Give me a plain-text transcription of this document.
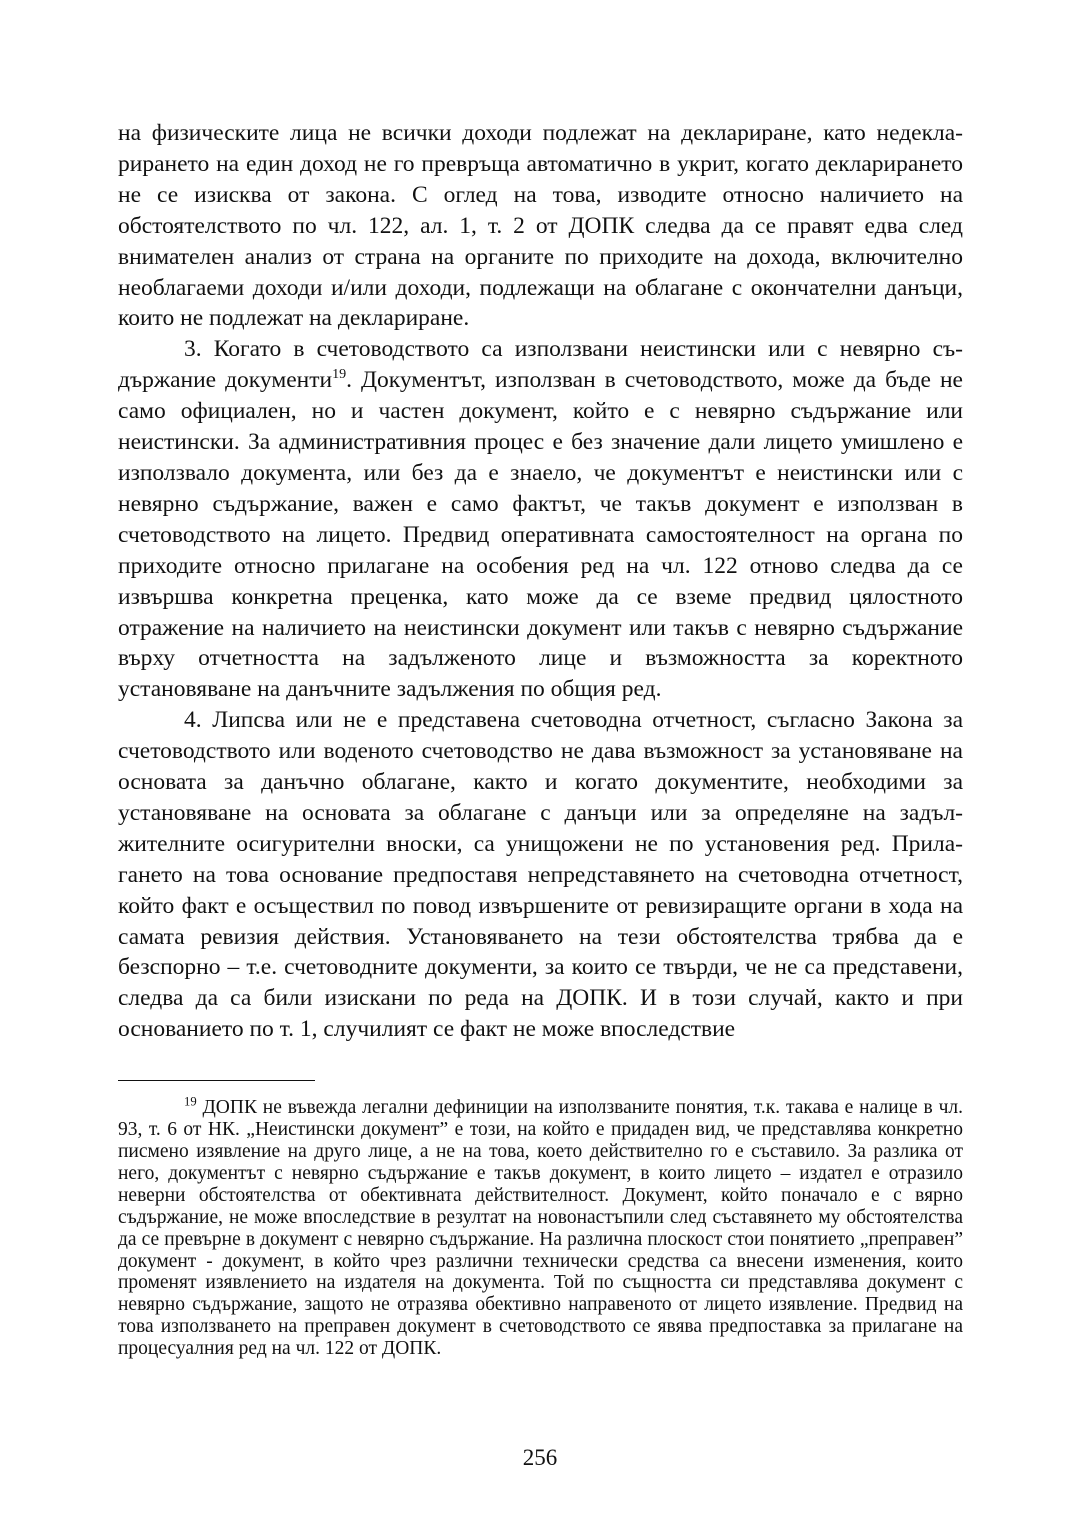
на физическите лица не всички доходи подлежат на деклариране, като недекларирането на един доход не го превръща автоматично в укрит, когато декларирането не се изисква от закона. С оглед на това, изводите относно наличието на обстоятелството по чл. 122, ал. 1, т. 2 от ДОПК следва да се правят едва след внимателен анализ от страна на органите по приходите на дохода, включително необлагаеми доходи и/или доходи, подлежащи на облагане с окончателни данъци, които не подлежат на деклариране.

3. Когато в счетоводството са използвани неистински или с невярно съдържание документи$^{19}$. Документът, използван в счетоводството, може да бъде не само официален, но и частен документ, който е с невярно съдържание или неистински. За административния процес е без значение дали лицето умишлено е използвало документа, или без да е знаело, че документът е неистински или с невярно съдържание, важен е само фактът, че такъв документ е използван в счетоводството на лицето. Предвид оперативната самостоятелност на органа по приходите относно прилагане на особения ред на чл. 122 отново следва да се извършва конкретна преценка, като може да се вземе предвид цялостното отражение на наличието на неистински документ или такъв с невярно съдържание върху отчетността на задълженото лице и възможността за коректното установяване на данъчните задължения по общия ред.

4. Липсва или не е представена счетоводна отчетност, съгласно Закона за счетоводството или воденото счетоводство не дава възможност за установяване на основата за данъчно облагане, както и когато документите, необходими за установяване на основата за облагане с данъци или за определяне на задължителните осигурителни вноски, са унищожени не по установения ред. Прилагането на това основание предпоставя непредставянето на счетоводна отчетност, който факт е осъществил по повод извършените от ревизиращите органи в хода на самата ревизия действия. Установяването на тези обстоятелства трябва да е безспорно – т.е. счетоводните документи, за които се твърди, че не са представени, следва да са били изискани по реда на ДОПК. И в този случай, както и при основанието по т. 1, случилият се факт не може впоследствие

$^{19}$ ДОПК не въвежда легални дефиниции на използваните понятия, т.к. такава е налице в чл. 93, т. 6 от НК. „Неистински документ” е този, на който е придаден вид, че представлява конкретно писмено изявление на друго лице, а не на това, което действително го е съставило. За разлика от него, документът с невярно съдържание е такъв документ, в които лицето – издател е отразило неверни обстоятелства от обективната действителност. Документ, който поначало е с вярно съдържание, не може впоследствие в резултат на новонастъпили след съставянето му обстоятелства да се превърне в документ с невярно съдържание. На различна плоскост стои понятието „преправен” документ - документ, в който чрез различни технически средства са внесени изменения, които променят изявлението на издателя на документа. Той по същността си представлява документ с невярно съдържание, защото не отразява обективно направеното от лицето изявление. Предвид на това използването на преправен документ в счетоводството се явява предпоставка за прилагане на процесуалния ред на чл. 122 от ДОПК.

256
